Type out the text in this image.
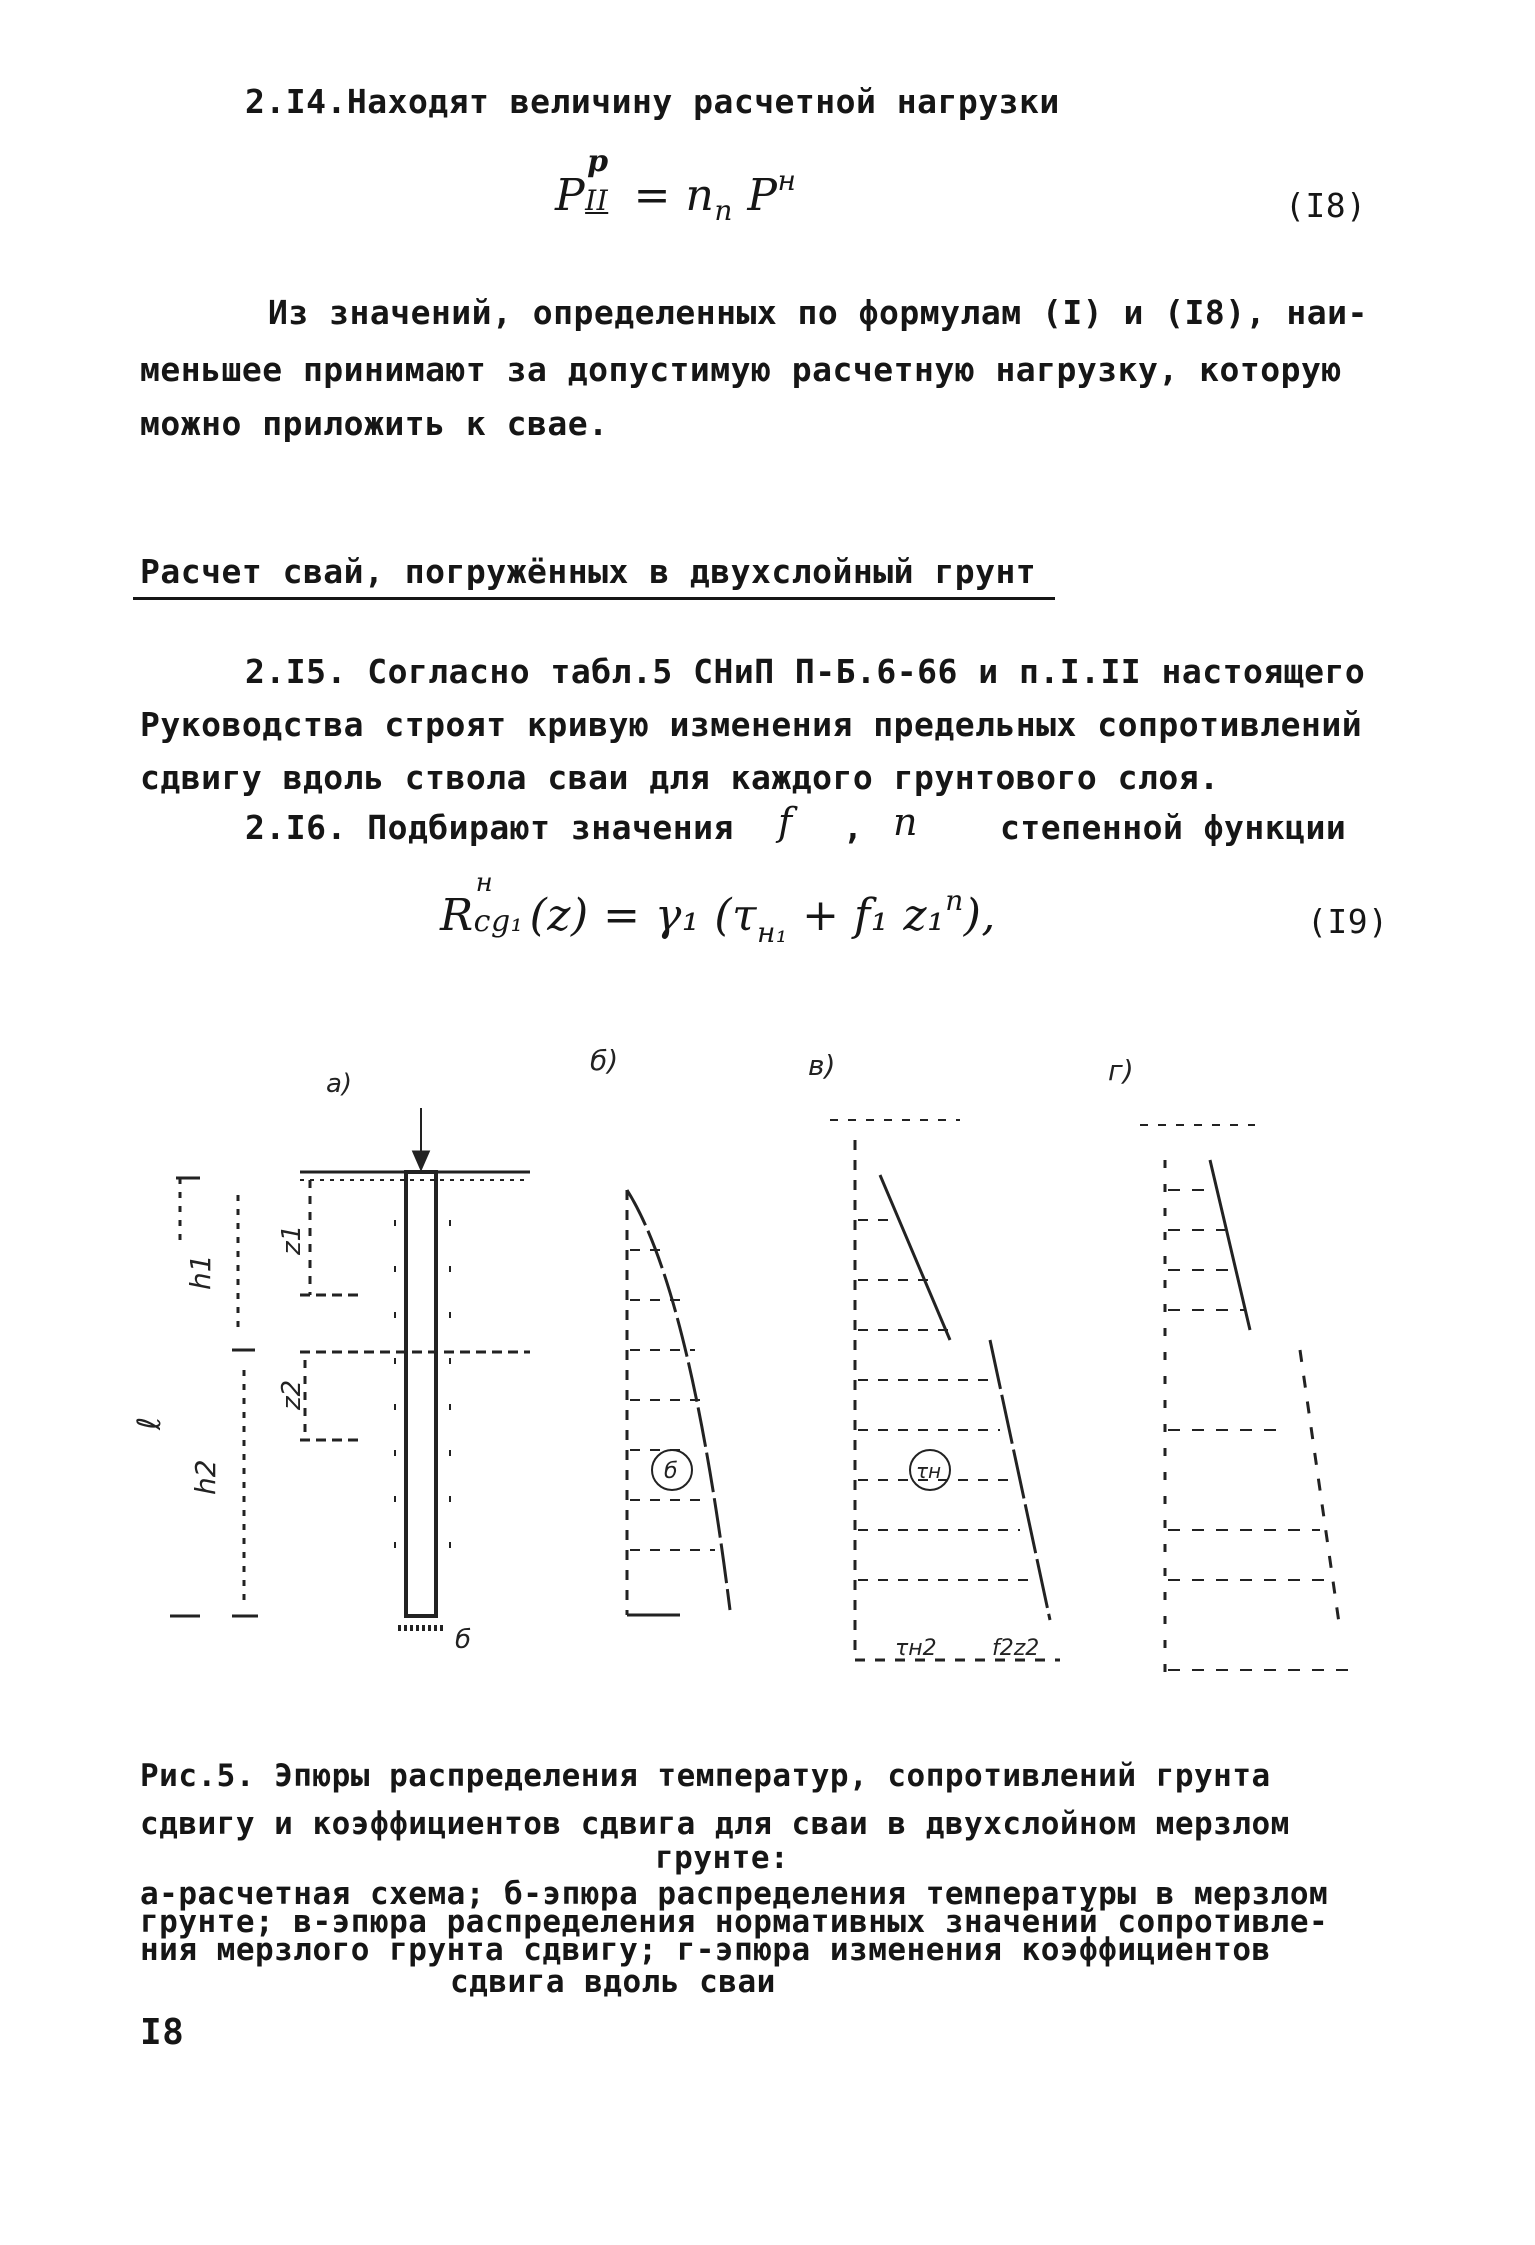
2.I4.Находят величину расчетной нагрузки
P
p
II = $n_п$ $P^н$
(I8)
Из значений, определенных по формулам (I) и (I8), наи-
меньшее принимают за допустимую расчетную нагрузку, которую
можно приложить к свае.
Расчет свай, погружённых в двухслойный грунт
2.I5. Согласно табл.5 СНиП П-Б.6-66 и п.I.II настоящего
Руководства строят кривую изменения предельных сопротивлений
сдвигу вдоль ствола сваи для каждого грунтового слоя.
2.I6. Подбирают значения f , n степенной функции
R
н
cg₁ (z) = γ₁ ($\tau_{н_1} + f_1$ z₁$^n$),	(I9)
а)
б)	в)	г)
h1
h2
ℓ
z1
z2
б	τн
б	τн2	f2z2
Рис.5. Эпюры распределения температур, сопротивлений грунта
сдвигу и коэффициентов сдвига для сваи в двухслойном мерзлом
грунте:
а-расчетная схема; б-эпюра распределения температуры в мерзлом
грунте; в-эпюра распределения нормативных значений сопротивле-
ния мерзлого грунта сдвигу; г-эпюра изменения коэффициентов
сдвига вдоль сваи
I8
